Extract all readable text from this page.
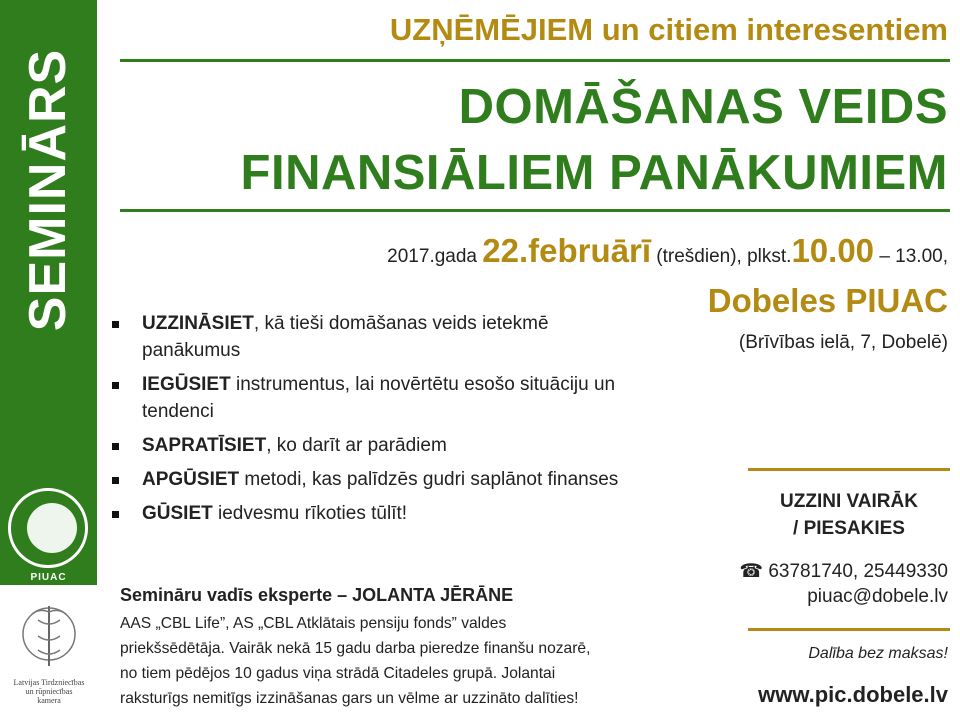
SEMINĀRS
PIUAC
Latvijas Tirdzniecības
un rūpniecības
kamera
UZŅĒMĒJIEM un citiem interesentiem
DOMĀŠANAS VEIDS
FINANSIĀLIEM PANĀKUMIEM
2017.gada 22.februārī (trešdien), plkst.10.00 – 13.00,
Dobeles PIUAC
(Brīvības ielā, 7, Dobelē)
UZZINĀSIET, kā tieši domāšanas veids ietekmē
panākumus
IEGŪSIET instrumentus, lai novērtētu esošo situāciju un
tendenci
SAPRATĪSIET, ko darīt ar parādiem
APGŪSIET metodi, kas palīdzēs gudri saplānot finanses
GŪSIET iedvesmu rīkoties tūlīt!
UZZINI VAIRĀK
/ PIESAKIES
☎ 63781740, 25449330
piuac@dobele.lv
Dalība bez maksas!
www.pic.dobele.lv
Semināru vadīs eksperte – JOLANTA JĒRĀNE
AAS „CBL Life”, AS „CBL Atklātais pensiju fonds” valdes
priekšsēdētāja. Vairāk nekā 15 gadu darba pieredze finanšu nozarē,
no tiem pēdējos 10 gadus viņa strādā Citadeles grupā. Jolantai
raksturīgs nemitīgs izzināšanas gars un vēlme ar uzzināto dalīties!
